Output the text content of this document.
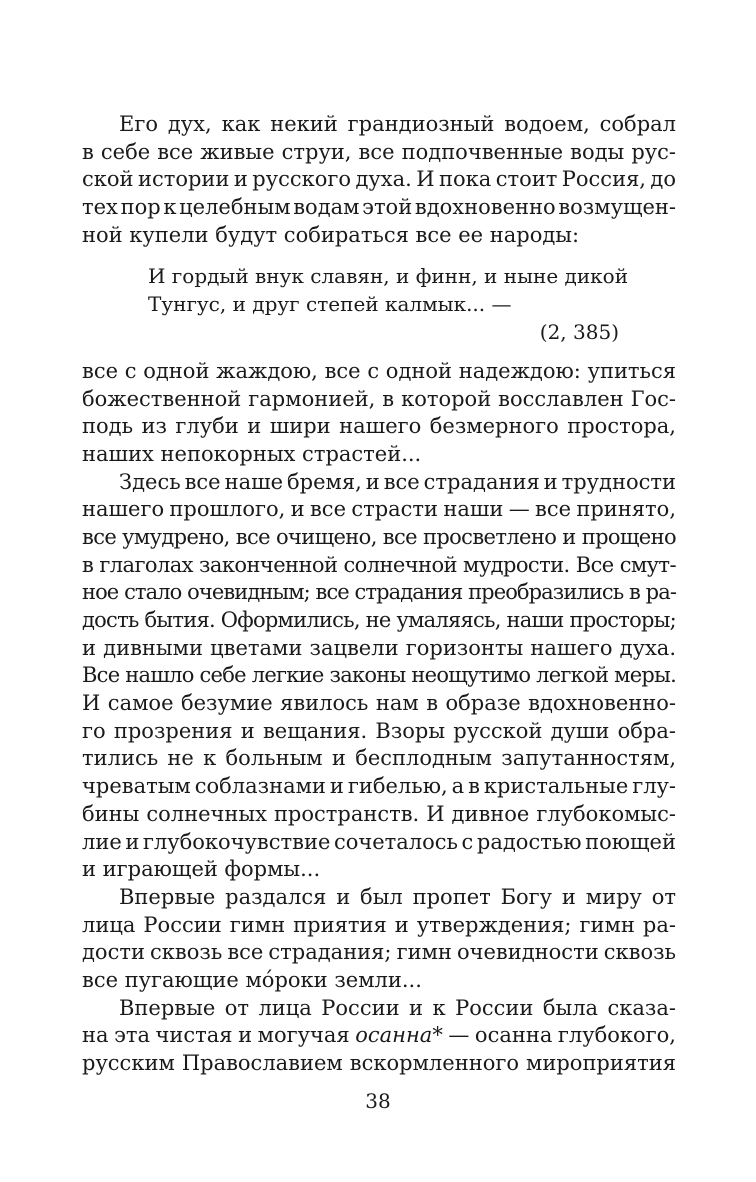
Его дух, как некий грандиозный водоем, собрал
в себе все живые струи, все подпочвенные воды рус-
ской истории и русского духа. И пока стоит Россия, до
тех пор к целебным водам этой вдохновенно возмущен-
ной купели будут собираться все ее народы:
И гордый внук славян, и финн, и ныне дикой
Тунгус, и друг степей калмык... —
(2, 385)
все с одной жаждою, все с одной надеждою: упиться
божественной гармонией, в которой восславлен Гос-
подь из глуби и шири нашего безмерного простора,
наших непокорных страстей...
Здесь все наше бремя, и все страдания и трудности
нашего прошлого, и все страсти наши — все принято,
все умудрено, все очищено, все просветлено и прощено
в глаголах законченной солнечной мудрости. Все смут-
ное стало очевидным; все страдания преобразились в ра-
дость бытия. Оформились, не умаляясь, наши просторы;
и дивными цветами зацвели горизонты нашего духа.
Все нашло себе легкие законы неощутимо легкой меры.
И самое безумие явилось нам в образе вдохновенно-
го прозрения и вещания. Взоры русской души обра-
тились не к больным и бесплодным запутанностям,
чреватым соблазнами и гибелью, а в кристальные глу-
бины солнечных пространств. И дивное глубокомыс-
лие и глубокочувствие сочеталось с радостью поющей
и играющей формы...
Впервые раздался и был пропет Богу и миру от
лица России гимн приятия и утверждения; гимн ра-
дости сквозь все страдания; гимн очевидности сквозь
все пугающие мо́роки земли...
Впервые от лица России и к России была сказа-
на эта чистая и могучая осанна* — осанна глубокого,
русским Православием вскормленного мироприятия
38
